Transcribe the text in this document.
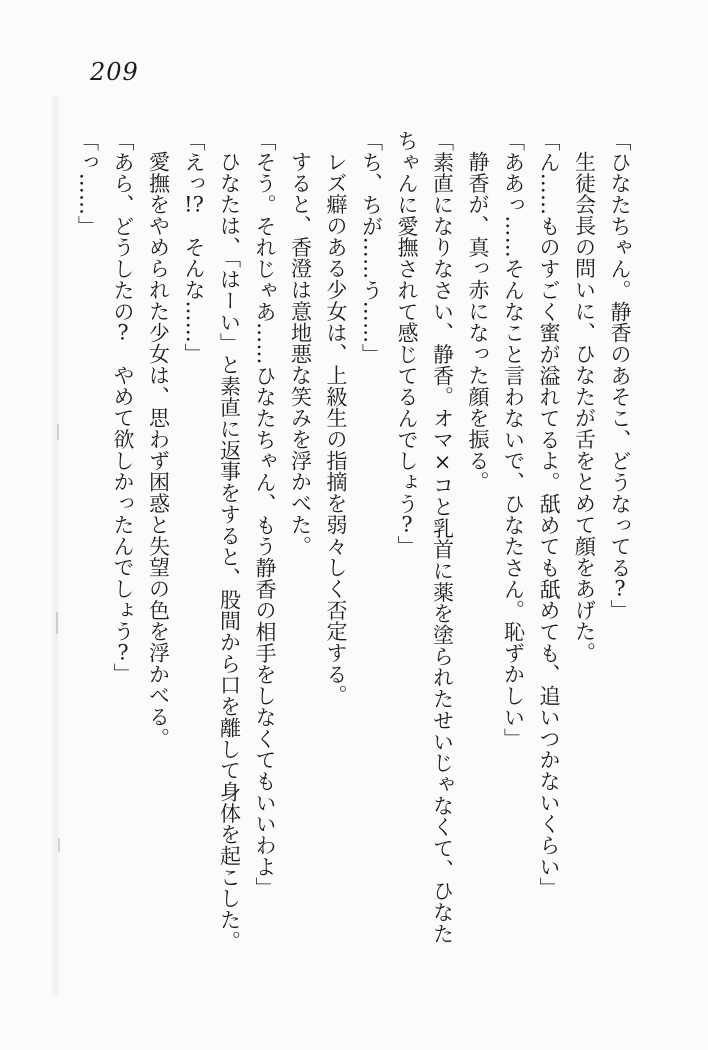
209

「ひなたちゃん。静香のあそこ、どうなってる?」

生徒会長の問いに、ひなたが舌をとめて顔をあげた。

「ん……ものすごく蜜が溢れてるよ。舐めても舐めても、追いつかないくらい」

「ああっ……そんなこと言わないで、ひなたさん。恥ずかしい」

静香が、真っ赤になった顔を振る。

「素直になりなさい、静香。オマ×コと乳首に薬を塗られたせいじゃなくて、ひなたちゃんに愛撫されて感じてるんでしょう?」

「ち、ちが……う……」

レズ癖のある少女は、上級生の指摘を弱々しく否定する。

すると、香澄は意地悪な笑みを浮かべた。

「そう。それじゃあ……ひなたちゃん、もう静香の相手をしなくてもいいわよ」

ひなたは、「はーい」と素直に返事をすると、股間から口を離して身体を起こした。

「えっ!?　そんな……」

愛撫をやめられた少女は、思わず困惑と失望の色を浮かべる。

「あら、どうしたの?　やめて欲しかったんでしょう?」

「っ……」
